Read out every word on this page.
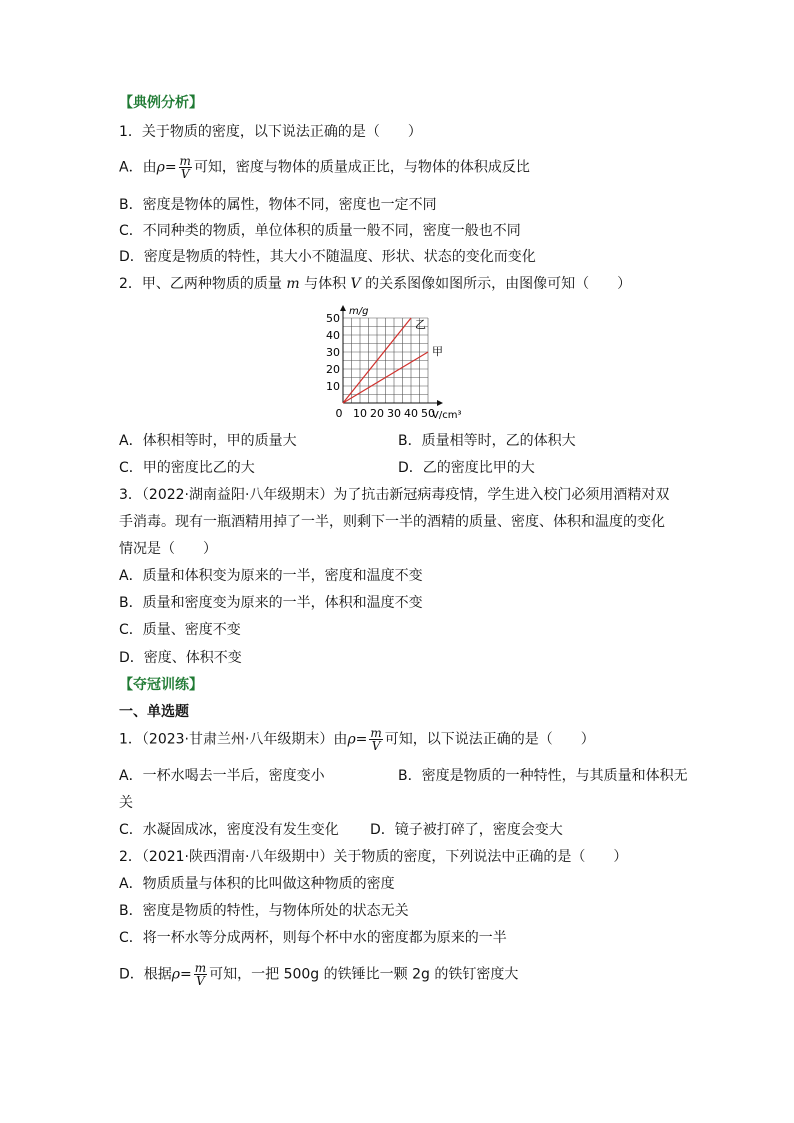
【典例分析】
1．关于物质的密度，以下说法正确的是（　　）
A．由$\rho= \frac{m}{V}$ 可知，密度与物体的质量成正比，与物体的体积成反比
B．密度是物体的属性，物体不同，密度也一定不同
C．不同种类的物质，单位体积的质量一般不同，密度一般也不同
D．密度是物质的特性，其大小不随温度、形状、状态的变化而变化
2．甲、乙两种物质的质量 m 与体积 V 的关系图像如图所示，由图像可知（　　）
m/g
V/cm³
0 10 20 30 40 50
10
20
30
40
50	乙
甲
A．体积相等时，甲的质量大	B．质量相等时，乙的体积大
C．甲的密度比乙的大	D．乙的密度比甲的大
3．（2022·湖南益阳·八年级期末）为了抗击新冠病毒疫情，学生进入校门必须用酒精对双
手消毒。现有一瓶酒精用掉了一半，则剩下一半的酒精的质量、密度、体积和温度的变化
情况是（　　）
A．质量和体积变为原来的一半，密度和温度不变
B．质量和密度变为原来的一半，体积和温度不变
C．质量、密度不变
D．密度、体积不变
【夺冠训练】
一、单选题
1．（2023·甘肃兰州·八年级期末）由$\rho= \frac{m}{V}$ 可知，以下说法正确的是（　　）
A．一杯水喝去一半后，密度变小	B．密度是物质的一种特性，与其质量和体积无
关
C．水凝固成冰，密度没有发生变化 D．镜子被打碎了，密度会变大
2．（2021·陕西渭南·八年级期中）关于物质的密度，下列说法中正确的是（　　）
A．物质质量与体积的比叫做这种物质的密度
B．密度是物质的特性，与物体所处的状态无关
C．将一杯水等分成两杯，则每个杯中水的密度都为原来的一半
D．根据$\rho= \frac{m}{V}$ 可知，一把 500g 的铁锤比一颗 2g 的铁钉密度大
